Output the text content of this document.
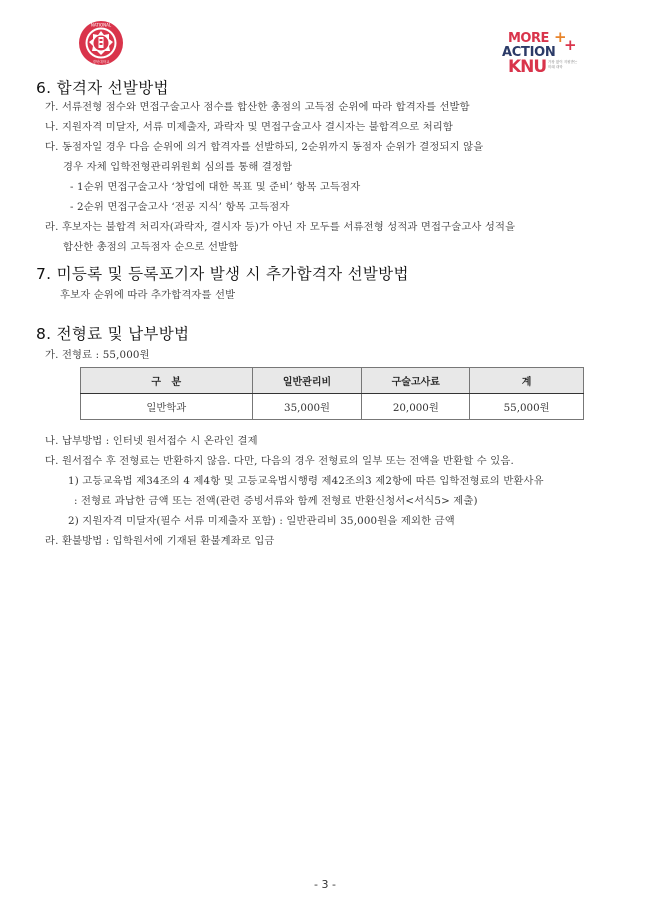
NATIONAL
경북대학교
MORE +
ACTION +
KNU 가장 많이 지원받는 미래 대학
6. 합격자 선발방법
가. 서류전형 점수와 면접구술고사 점수를 합산한 총점의 고득점 순위에 따라 합격자를 선발함
나. 지원자격 미달자, 서류 미제출자, 과락자 및 면접구술고사 결시자는 불합격으로 처리함
다. 동점자일 경우 다음 순위에 의거 합격자를 선발하되, 2순위까지 동점자 순위가 결정되지 않을
경우 자체 입학전형관리위원회 심의를 통해 결정함
- 1순위 면접구술고사 ‘창업에 대한 목표 및 준비’ 항목 고득점자
- 2순위 면접구술고사 ‘전공 지식’ 항목 고득점자
라. 후보자는 불합격 처리자(과락자, 결시자 등)가 아닌 자 모두를 서류전형 성적과 면접구술고사 성적을
합산한 총점의 고득점자 순으로 선발함
7. 미등록 및 등록포기자 발생 시 추가합격자 선발방법
후보자 순위에 따라 추가합격자를 선발
8. 전형료 및 납부방법
가. 전형료 : 55,000원
구   분	일반관리비	구술고사료	계
일반학과	35,000원	20,000원	55,000원
나. 납부방법 : 인터넷 원서접수 시 온라인 결제
다. 원서접수 후 전형료는 반환하지 않음. 다만, 다음의 경우 전형료의 일부 또는 전액을 반환할 수 있음.
1) 고등교육법 제34조의 4 제4항 및 고등교육법시행령 제42조의3 제2항에 따른 입학전형료의 반환사유
: 전형료 과납한 금액 또는 전액(관련 증빙서류와 함께 전형료 반환신청서<서식5> 제출)
2) 지원자격 미달자(필수 서류 미제출자 포함) : 일반관리비 35,000원을 제외한 금액
라. 환불방법 : 입학원서에 기재된 환불계좌로 입금
- 3 -
